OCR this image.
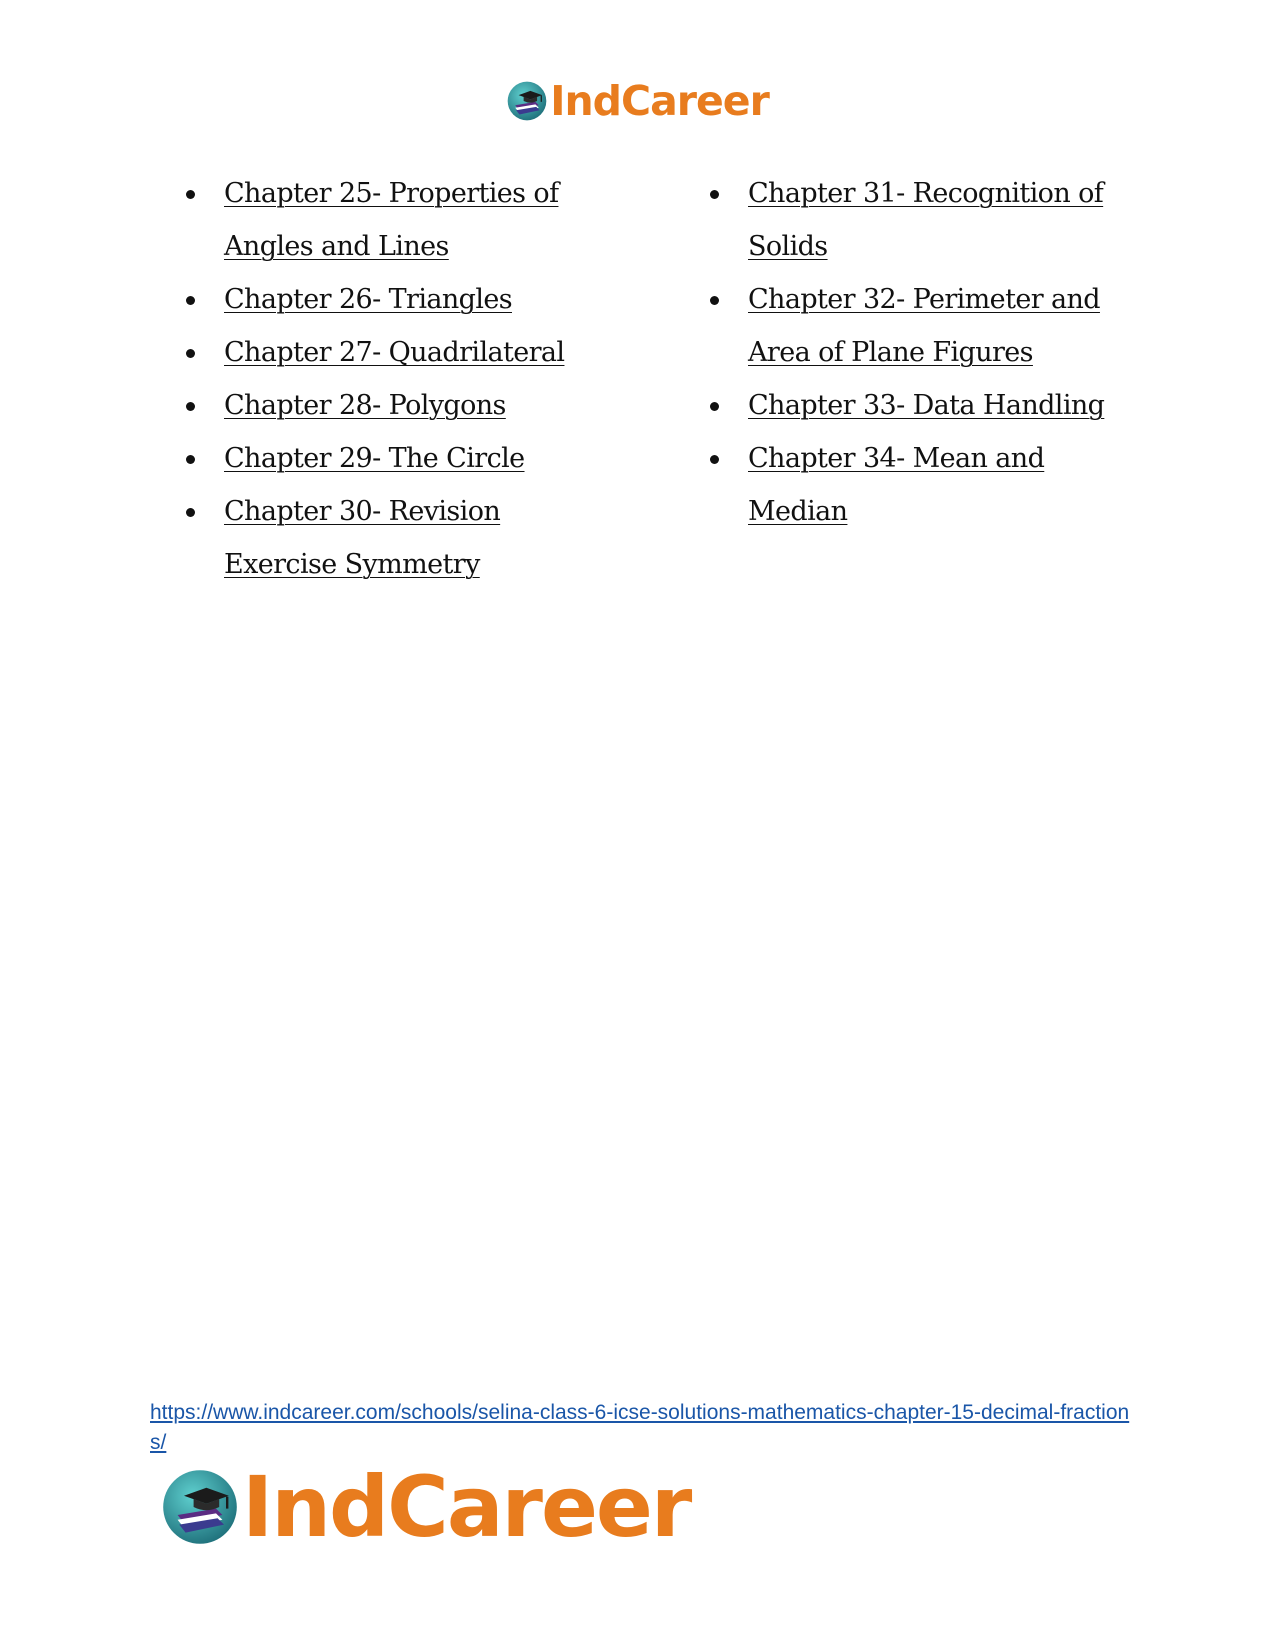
IndCareer
Chapter 25- Properties of Angles and Lines
Chapter 26- Triangles
Chapter 27- Quadrilateral
Chapter 28- Polygons
Chapter 29- The Circle
Chapter 30- Revision Exercise Symmetry
Chapter 31- Recognition of Solids
Chapter 32- Perimeter and Area of Plane Figures
Chapter 33- Data Handling
Chapter 34- Mean and Median
https://www.indcareer.com/schools/selina-class-6-icse-solutions-mathematics-chapter-15-decimal-fractions/
IndCareer
